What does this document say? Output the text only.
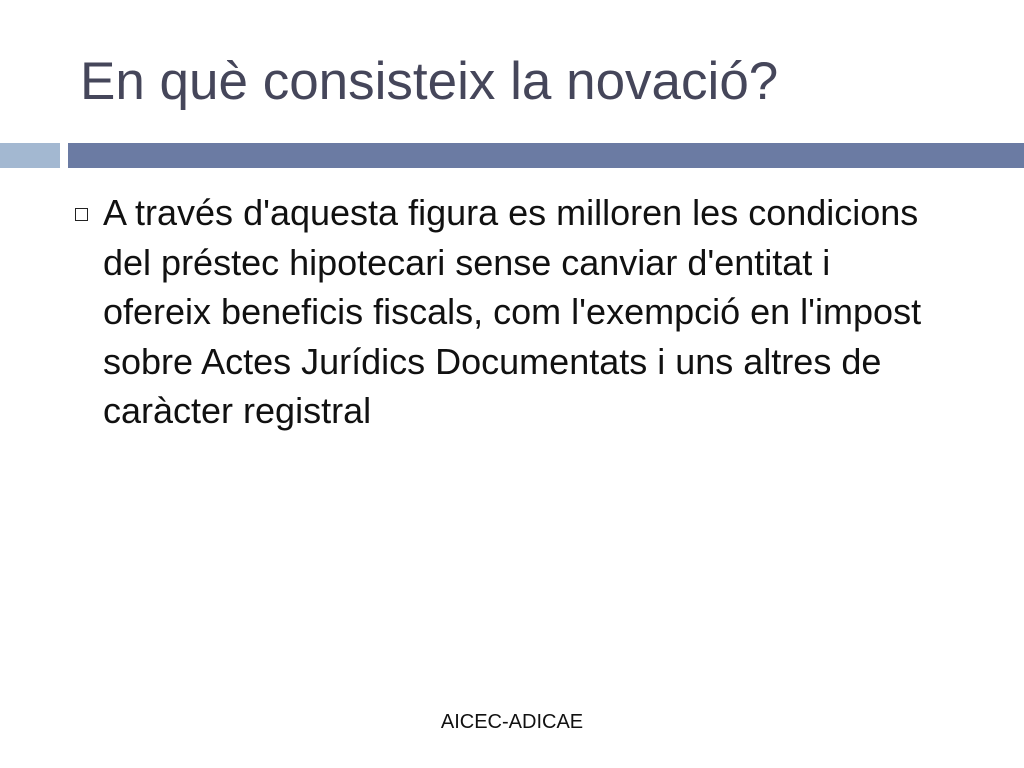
En què consisteix la novació?
A través d'aquesta figura es milloren les condicions del préstec hipotecari sense canviar d'entitat i ofereix beneficis fiscals, com l'exempció en l'impost sobre Actes Jurídics Documentats i uns altres de caràcter registral
AICEC-ADICAE
